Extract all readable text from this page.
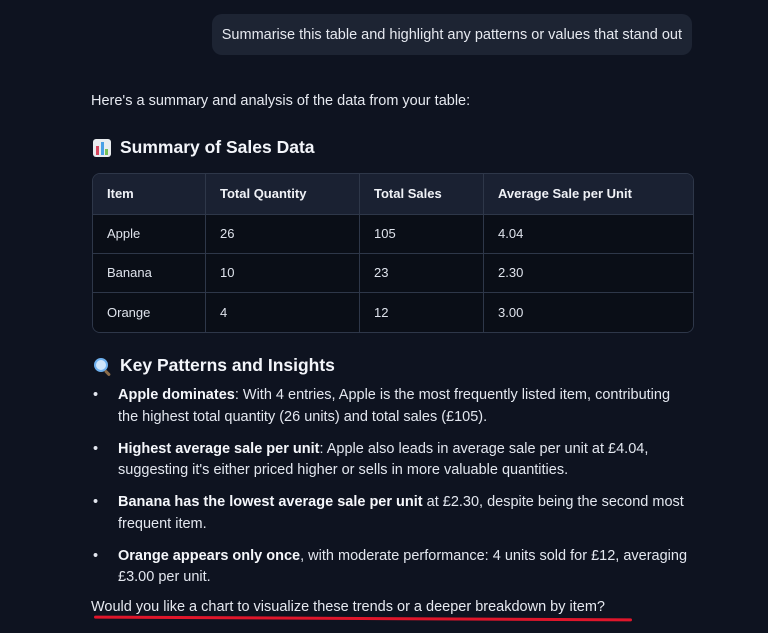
Summarise this table and highlight any patterns or values that stand out
Here's a summary and analysis of the data from your table:
Summary of Sales Data
Item	Total Quantity	Total Sales	Average Sale per Unit
Apple	26	105	4.04
Banana	10	23	2.30
Orange	4	12	3.00
Key Patterns and Insights
• Apple dominates: With 4 entries, Apple is the most frequently listed item, contributing the highest total quantity (26 units) and total sales (£105).
• Highest average sale per unit: Apple also leads in average sale per unit at £4.04, suggesting it's either priced higher or sells in more valuable quantities.
• Banana has the lowest average sale per unit at £2.30, despite being the second most frequent item.
• Orange appears only once, with moderate performance: 4 units sold for £12, averaging £3.00 per unit.
Would you like a chart to visualize these trends or a deeper breakdown by item?
